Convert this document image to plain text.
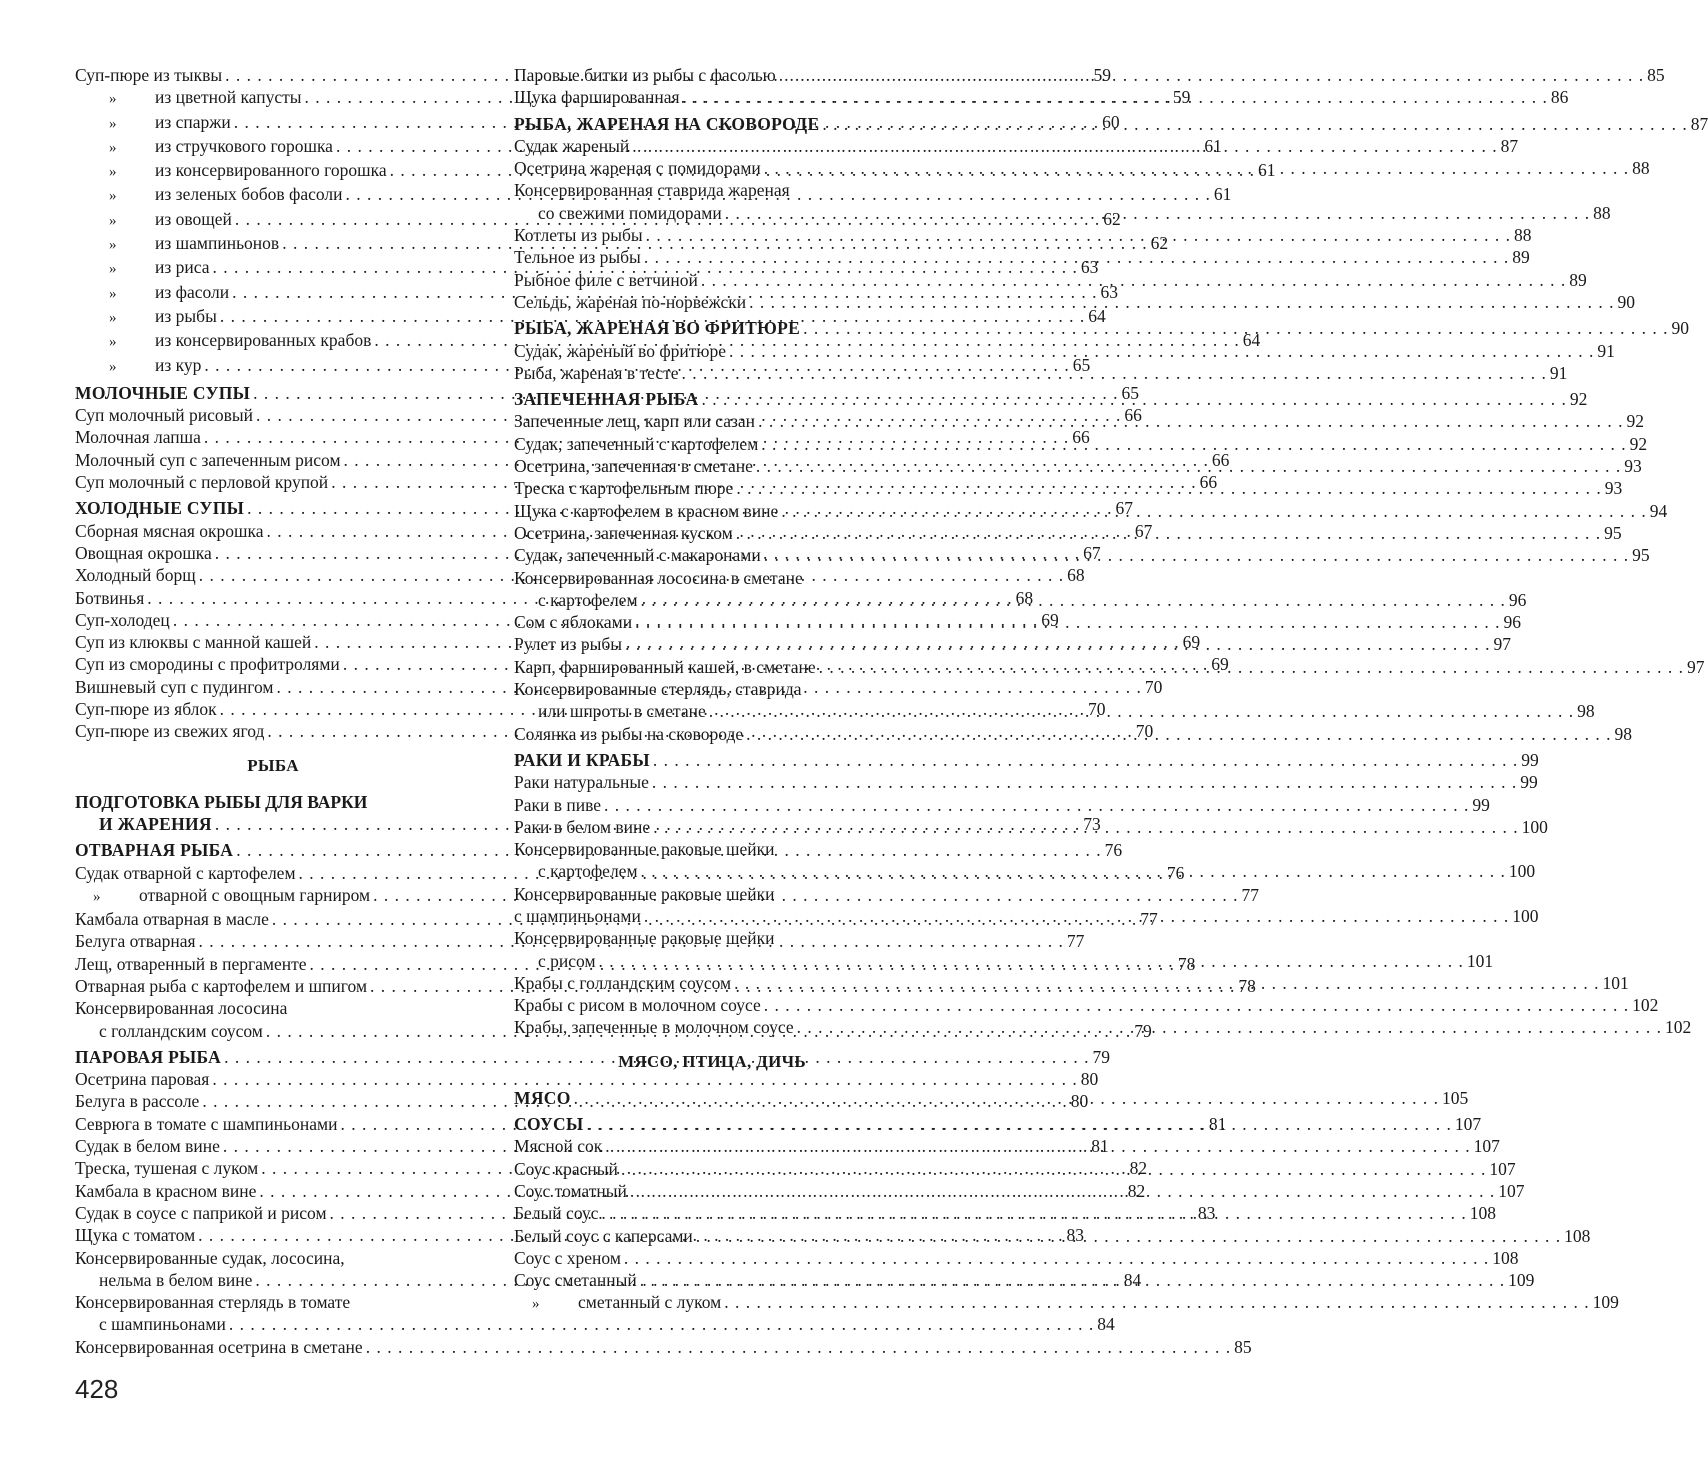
Суп-пюре из тыквы . . .	59
»	из цветной капусты . . .	59
»	из спаржи . . .	60
»	из стручкового горошка . . .	61
»	из консервированного горошка . . .	61
»	из зеленых бобов фасоли . . .	61
»	из овощей . . .	62
»	из шампиньонов . . .	62
»	из риса . . .	63
»	из фасоли . . .	63
»	из рыбы . . .	64
»	из консервированных крабов . . .	64
»	из кур . . .	65
МОЛОЧНЫЕ СУПЫ . . .	65
Суп молочный рисовый . . .	66
Молочная лапша . . .	66
Молочный суп с запеченным рисом . . .	66
Суп молочный с перловой крупой . . .	66
ХОЛОДНЫЕ СУПЫ . . .	67
Сборная мясная окрошка . . .	67
Овощная окрошка . . .	67
Холодный борщ . . .	68
Ботвинья . . .	68
Суп-холодец . . .	69
Суп из клюквы с манной кашей . . .	69
Суп из смородины с профитролями . . .	69
Вишневый суп с пудингом . . .	70
Суп-пюре из яблок . . .	70
Суп-пюре из свежих ягод . . .	70
РЫБА
ПОДГОТОВКА РЫБЫ ДЛЯ ВАРКИ
И ЖАРЕНИЯ . . .	73
ОТВАРНАЯ РЫБА . . .	76
Судак отварной с картофелем . . .	76
»	отварной с овощным гарниром . . .	77
Камбала отварная в масле . . .	77
Белуга отварная . . .	77
Лещ, отваренный в пергаменте . . .	78
Отварная рыба с картофелем и шпигом . . .	78
Консервированная лососина
с голландским соусом . . .	79
ПАРОВАЯ РЫБА . . .	79
Осетрина паровая . . .	80
Белуга в рассоле . . .	80
Севрюга в томате с шампиньонами . . .	81
Судак в белом вине . . .	81
Треска, тушеная с луком . . .	82
Камбала в красном вине . . .	82
Судак в соусе с паприкой и рисом . . .	83
Щука с томатом . . .	83
Консервированные судак, лососина,
нельма в белом вине . . .	84
Консервированная стерлядь в томате
с шампиньонами . . .	84
Консервированная осетрина в сметане . . .	85
Паровые битки из рыбы с фасолью . . .	85
Щука фаршированная . . .	86
РЫБА, ЖАРЕНАЯ НА СКОВОРОДЕ . . .	87
Судак жареный . . .	87
Осетрина жареная с помидорами . . .	88
Консервированная ставрида жареная
со свежими помидорами . . .	88
Котлеты из рыбы . . .	88
Тельное из рыбы . . .	89
Рыбное филе с ветчиной . . .	89
Сельдь, жареная по-норвежски . . .	90
РЫБА, ЖАРЕНАЯ ВО ФРИТЮРЕ . . .	90
Судак, жареный во фритюре . . .	91
Рыба, жареная в тесте . . .	91
ЗАПЕЧЕННАЯ РЫБА . . .	92
Запеченные лещ, карп или сазан . . .	92
Судак, запеченный с картофелем . . .	92
Осетрина, запеченная в сметане . . .	93
Треска с картофельным пюре . . .	93
Щука с картофелем в красном вине . . .	94
Осетрина, запеченная куском . . .	95
Судак, запеченный с макаронами . . .	95
Консервированная лососина в сметане
с картофелем . . .	96
Сом с яблоками . . .	96
Рулет из рыбы . . .	97
Карп, фаршированный кашей, в сметане . . .	97
Консервированные стерлядь, ставрида
или шпроты в сметане . . .	98
Солянка из рыбы на сковороде . . .	98
РАКИ И КРАБЫ . . .	99
Раки натуральные . . .	99
Раки в пиве . . .	99
Раки в белом вине . . .	100
Консервированные раковые шейки
с картофелем . . .	100
Консервированные раковые шейки
с шампиньонами . . .	100
Консервированные раковые шейки
с рисом . . .	101
Крабы с голландским соусом . . .	101
Крабы с рисом в молочном соусе . . .	102
Крабы, запеченные в молочном соусе . . .	102
МЯСО, ПТИЦА, ДИЧЬ
МЯСО . . .	105
СОУСЫ . . .	107
Мясной сок . . .	107
Соус красный . . .	107
Соус томатный . . .	107
Белый соус . . .	108
Белый соус с каперсами . . .	108
Соус с хреном . . .	108
Соус сметанный . . .	109
»	сметанный с луком . . .	109
428
